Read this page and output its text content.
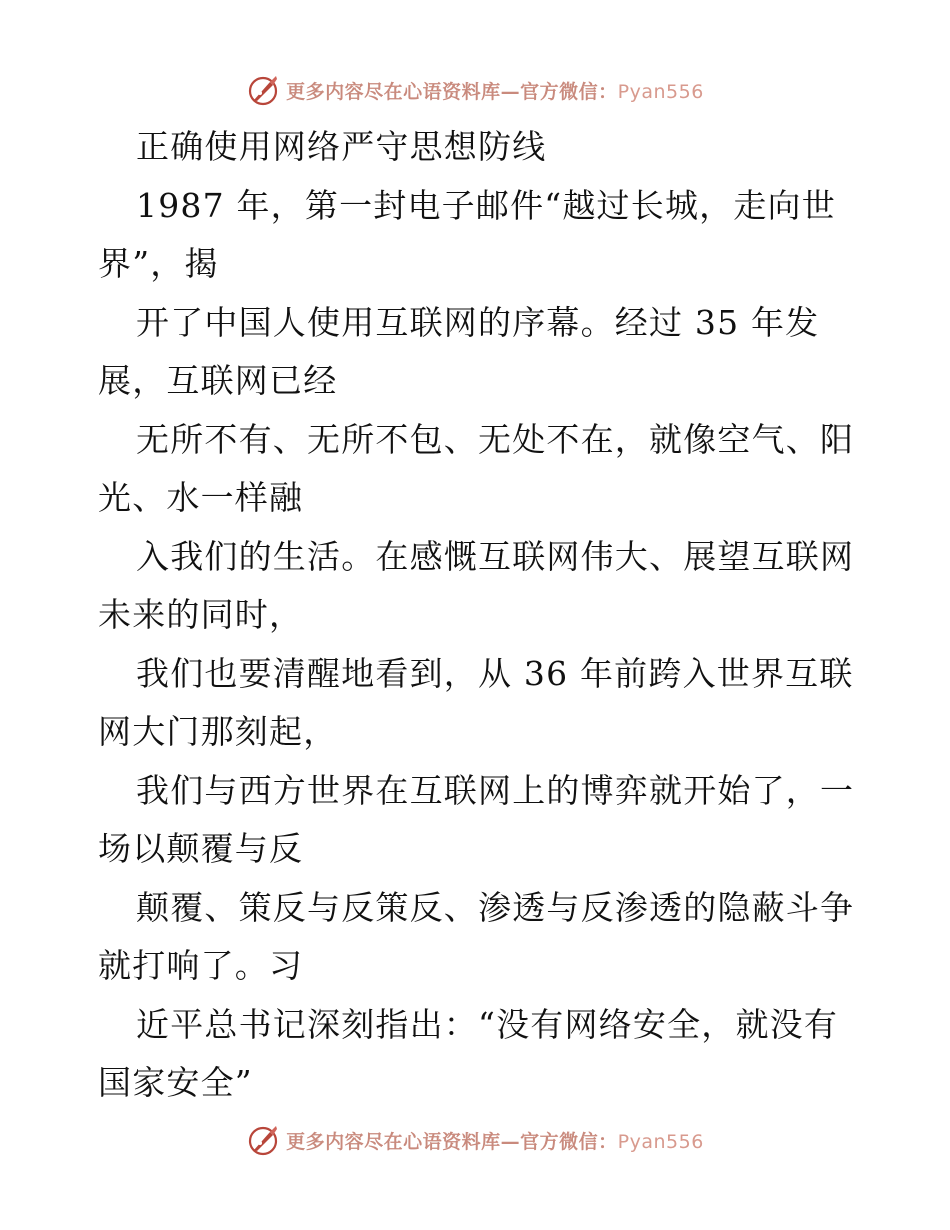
更多内容尽在心语资料库—官方微信：Pyan556
正确使用网络严守思想防线
1987 年，第一封电子邮件“越过长城，走向世
界”，揭
开了中国人使用互联网的序幕。经过 35 年发
展，互联网已经
无所不有、无所不包、无处不在，就像空气、阳
光、水一样融
入我们的生活。在感慨互联网伟大、展望互联网
未来的同时，
我们也要清醒地看到，从 36 年前跨入世界互联
网大门那刻起，
我们与西方世界在互联网上的博弈就开始了，一
场以颠覆与反
颠覆、策反与反策反、渗透与反渗透的隐蔽斗争
就打响了。习
近平总书记深刻指出：“没有网络安全，就没有
国家安全”
更多内容尽在心语资料库—官方微信：Pyan556
